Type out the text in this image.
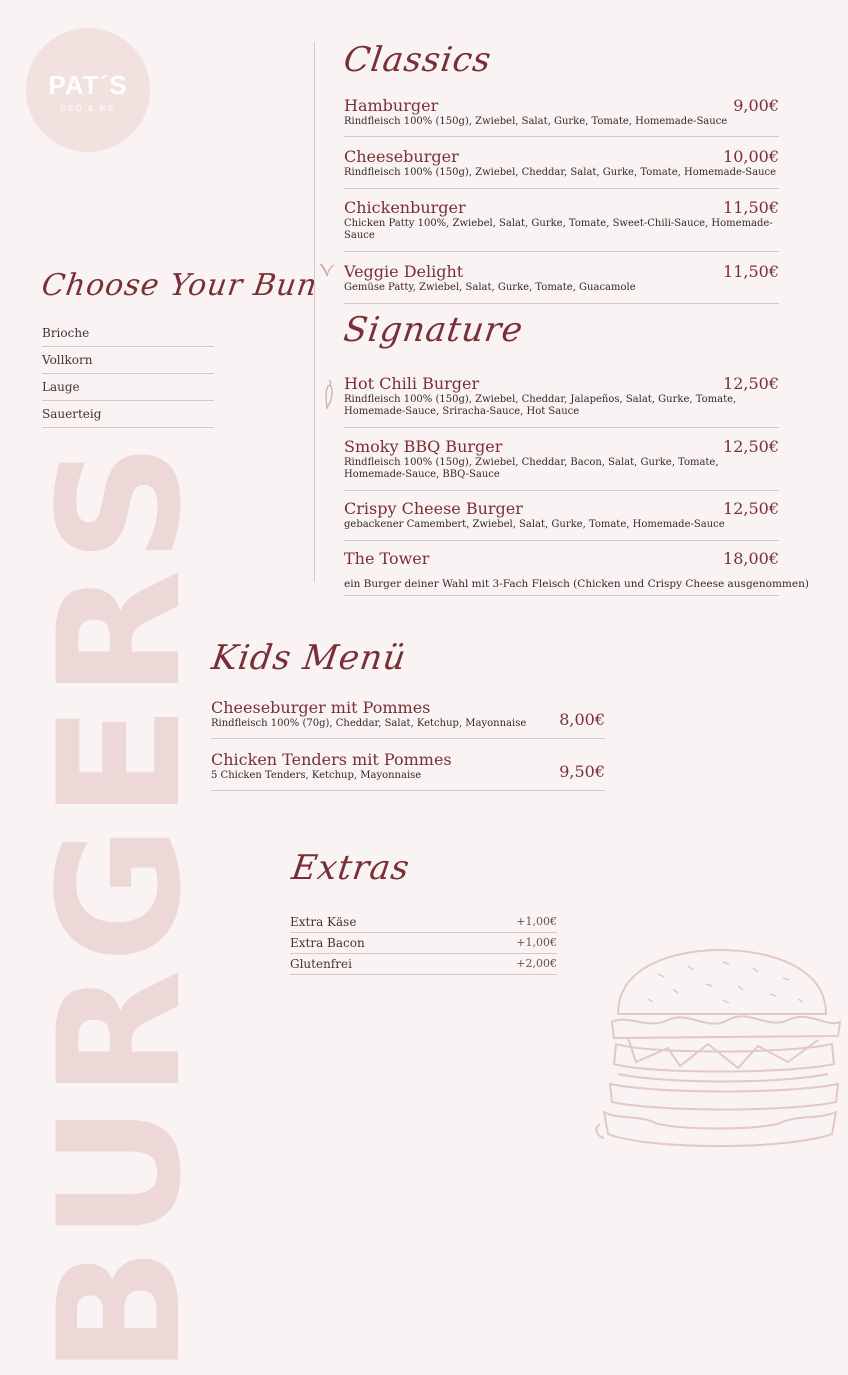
PAT´S
BBQ & MB
BURGERS
Classics
Hamburger	9,00€
Rindfleisch 100% (150g), Zwiebel, Salat, Gurke, Tomate, Homemade-Sauce
Cheeseburger	10,00€
Rindfleisch 100% (150g), Zwiebel, Cheddar, Salat, Gurke, Tomate, Homemade-Sauce
Chickenburger	11,50€
Chicken Patty 100%, Zwiebel, Salat, Gurke, Tomate, Sweet-Chili-Sauce, Homemade-Sauce
Veggie Delight	11,50€
Gemüse Patty, Zwiebel, Salat, Gurke, Tomate, Guacamole
Signature
Hot Chili Burger	12,50€
Rindfleisch 100% (150g), Zwiebel, Cheddar, Jalapeños, Salat, Gurke, Tomate, Homemade-Sauce, Sriracha-Sauce, Hot Sauce
Smoky BBQ Burger	12,50€
Rindfleisch 100% (150g), Zwiebel, Cheddar, Bacon, Salat, Gurke, Tomate, Homemade-Sauce, BBQ-Sauce
Crispy Cheese Burger	12,50€
gebackener Camembert, Zwiebel, Salat, Gurke, Tomate, Homemade-Sauce
The Tower	18,00€
ein Burger deiner Wahl mit 3-Fach Fleisch (Chicken und Crispy Cheese ausgenommen)
Choose Your Bun
Brioche
Vollkorn
Lauge
Sauerteig
Kids Menü
Cheeseburger mit Pommes
8,00€
Rindfleisch 100% (70g), Cheddar, Salat, Ketchup, Mayonnaise
Chicken Tenders mit Pommes
9,50€
5 Chicken Tenders, Ketchup, Mayonnaise
Extras
Extra Käse	+1,00€
Extra Bacon	+1,00€
Glutenfrei	+2,00€
